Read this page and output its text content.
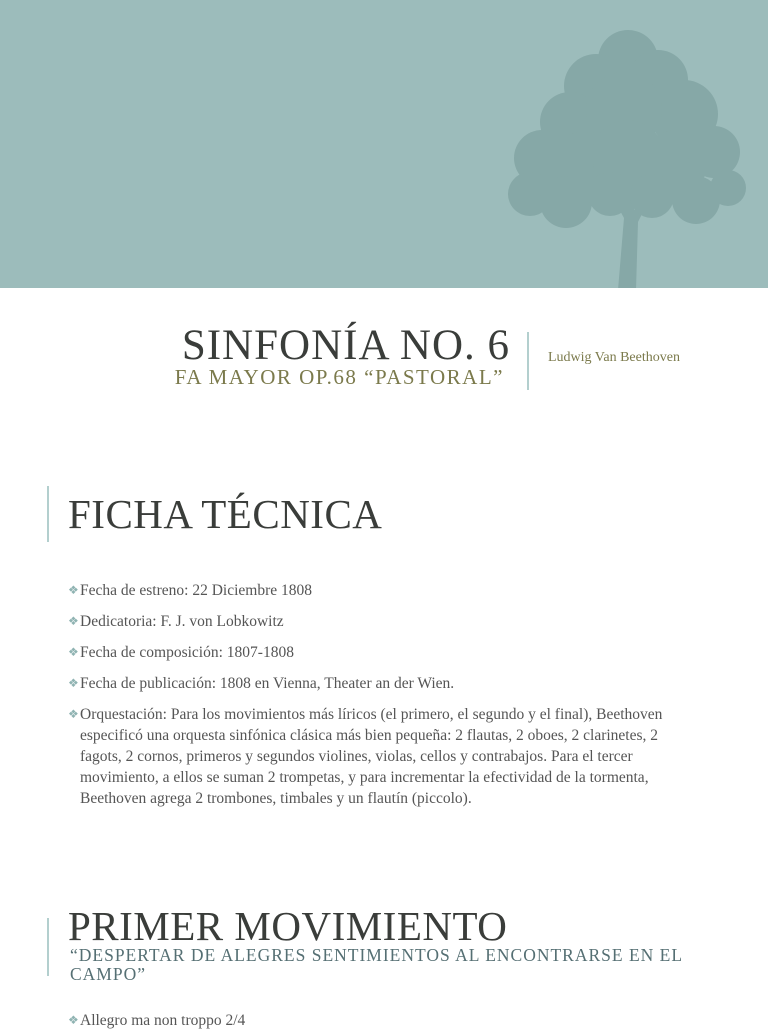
SINFONÍA NO. 6
FA MAYOR OP.68 “PASTORAL”
Ludwig Van Beethoven
FICHA TÉCNICA
❖ Fecha de estreno: 22 Diciembre 1808
❖ Dedicatoria: F. J. von Lobkowitz
❖ Fecha de composición: 1807-1808
❖ Fecha de publicación: 1808 en Vienna, Theater an der Wien.
❖ Orquestación: Para los movimientos más líricos (el primero, el segundo y el final), Beethoven especificó una orquesta sinfónica clásica más bien pequeña: 2 flautas, 2 oboes, 2 clarinetes, 2 fagots, 2 cornos, primeros y segundos violines, violas, cellos y contrabajos. Para el tercer movimiento, a ellos se suman 2 trompetas, y para incrementar la efectividad de la tormenta, Beethoven agrega 2 trombones, timbales y un flautín (piccolo).
PRIMER MOVIMIENTO
“DESPERTAR DE ALEGRES SENTIMIENTOS AL ENCONTRARSE EN EL CAMPO”
❖ Allegro ma non troppo 2/4
